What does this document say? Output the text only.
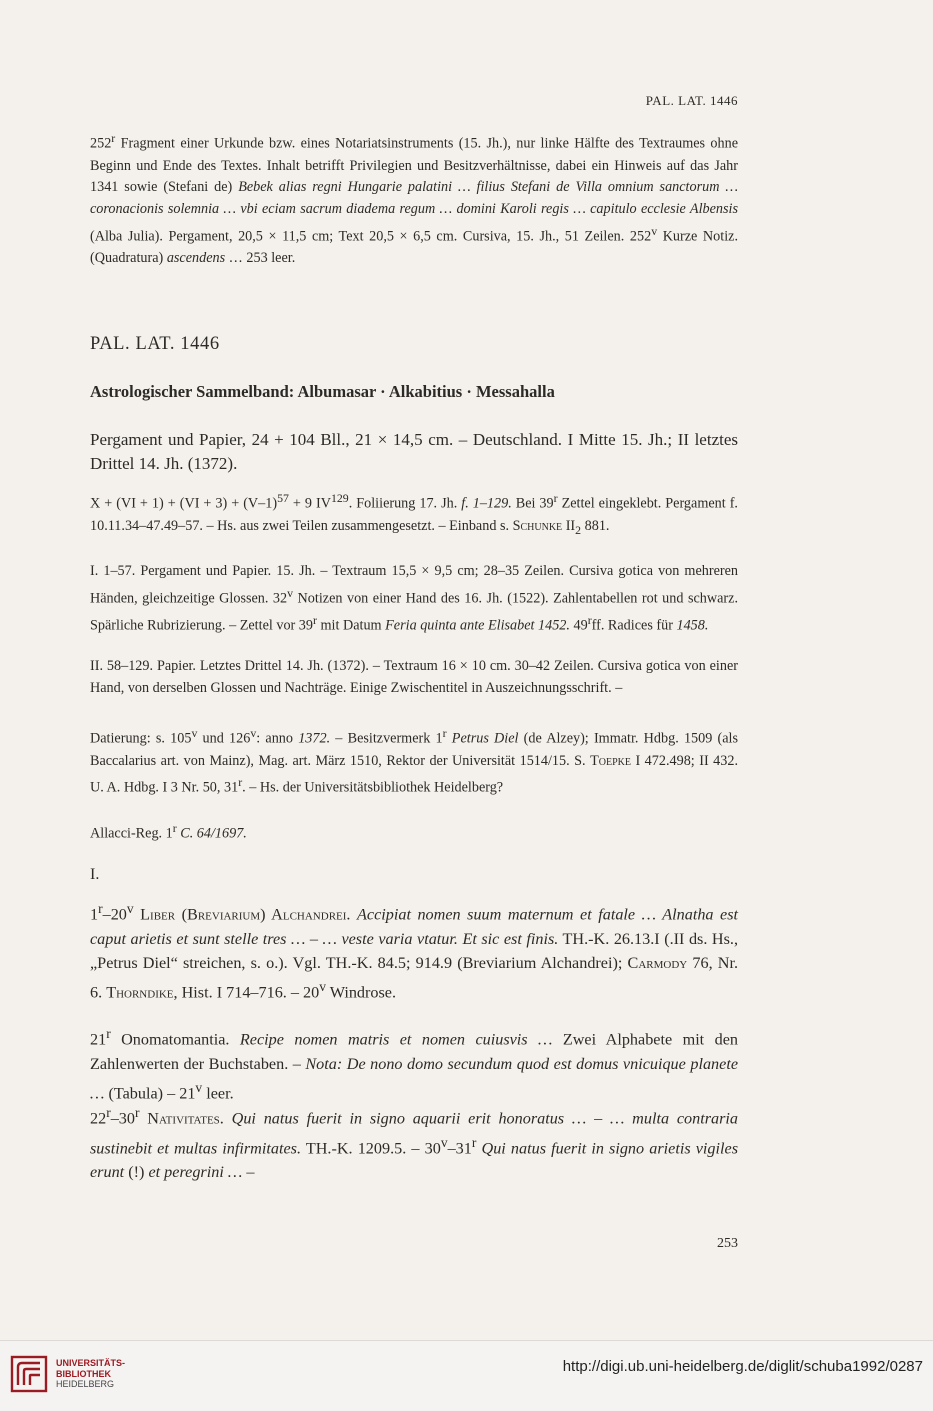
PAL. LAT. 1446

252$^r$ Fragment einer Urkunde bzw. eines Notariatsinstruments (15. Jh.), nur linke Hälfte des Textraumes ohne Beginn und Ende des Textes. Inhalt betrifft Privilegien und Besitzverhältnisse, dabei ein Hinweis auf das Jahr 1341 sowie (Stefani de) Bebek alias regni Hungarie palatini … filius Stefani de Villa omnium sanctorum … coronacionis solemnia … vbi eciam sacrum diadema regum … domini Karoli regis … capitulo ecclesie Albensis (Alba Julia). Pergament, 20,5 × 11,5 cm; Text 20,5 × 6,5 cm. Cursiva, 15. Jh., 51 Zeilen. 252$^v$ Kurze Notiz. (Quadratura) ascendens … 253 leer.

PAL. LAT. 1446
Astrologischer Sammelband: Albumasar · Alkabitius · Messahalla
Pergament und Papier, 24 + 104 Bll., 21 × 14,5 cm. – Deutschland. I Mitte 15. Jh.; II letztes Drittel 14. Jh. (1372).

$X + (VI + 1) + (VI + 3) + (V-1)^{57} + 9$ IV$^{129}$. Foliierung 17. Jh. f. 1–129. Bei 39$^r$ Zettel eingeklebt. Pergament f. 10.11.34–47.49–57. – Hs. aus zwei Teilen zusammengesetzt. – Einband s. Schunke $II_2$ 881.

I. 1–57. Pergament und Papier. 15. Jh. – Textraum 15,5 × 9,5 cm; 28–35 Zeilen. Cursiva gotica von mehreren Händen, gleichzeitige Glossen. 32$^v$ Notizen von einer Hand des 16. Jh. (1522). Zahlentabellen rot und schwarz. Spärliche Rubrizierung. – Zettel vor 39$^r$ mit Datum Feria quinta ante Elisabet 1452. 49$^r$ff. Radices für 1458.

II. 58–129. Papier. Letztes Drittel 14. Jh. (1372). – Textraum 16 × 10 cm. 30–42 Zeilen. Cursiva gotica von einer Hand, von derselben Glossen und Nachträge. Einige Zwischentitel in Auszeichnungsschrift. –

Datierung: s. 105$^v$ und 126$^v$: anno 1372. – Besitzvermerk 1$^r$ Petrus Diel (de Alzey); Immatr. Hdbg. 1509 (als Baccalarius art. von Mainz), Mag. art. März 1510, Rektor der Universität 1514/15. S. Toepke I 472.498; II 432. U. A. Hdbg. I 3 Nr. 50, 31$^r$. – Hs. der Universitätsbibliothek Heidelberg?

Allacci-Reg. 1$^r$ C. 64/1697.

I.

1$^r$–20$^v$ Liber (Breviarium) Alchandrei. Accipiat nomen suum maternum et fatale … Alnatha est caput arietis et sunt stelle tres … – … veste varia vtatur. Et sic est finis. TH.-K. 26.13.I (.II ds. Hs., „Petrus Diel“ streichen, s. o.). Vgl. TH.-K. 84.5; 914.9 (Breviarium Alchandrei); Carmody 76, Nr. 6. Thorndike, Hist. I 714–716. – 20$^v$ Windrose.

21$^r$ Onomatomantia. Recipe nomen matris et nomen cuiusvis … Zwei Alphabete mit den Zahlenwerten der Buchstaben. – Nota: De nono domo secundum quod est domus vnicuique planete … (Tabula) – 21$^v$ leer.

22$^r$–30$^r$ Nativitates. Qui natus fuerit in signo aquarii erit honoratus … – … multa contraria sustinebit et multas infirmitates. TH.-K. 1209.5. – 30$^v$–31$^r$ Qui natus fuerit in signo arietis vigiles erunt (!) et peregrini … –

253
UNIVERSITÄTS-
BIBLIOTHEK
HEIDELBERG
http://digi.ub.uni-heidelberg.de/diglit/schuba1992/0287
